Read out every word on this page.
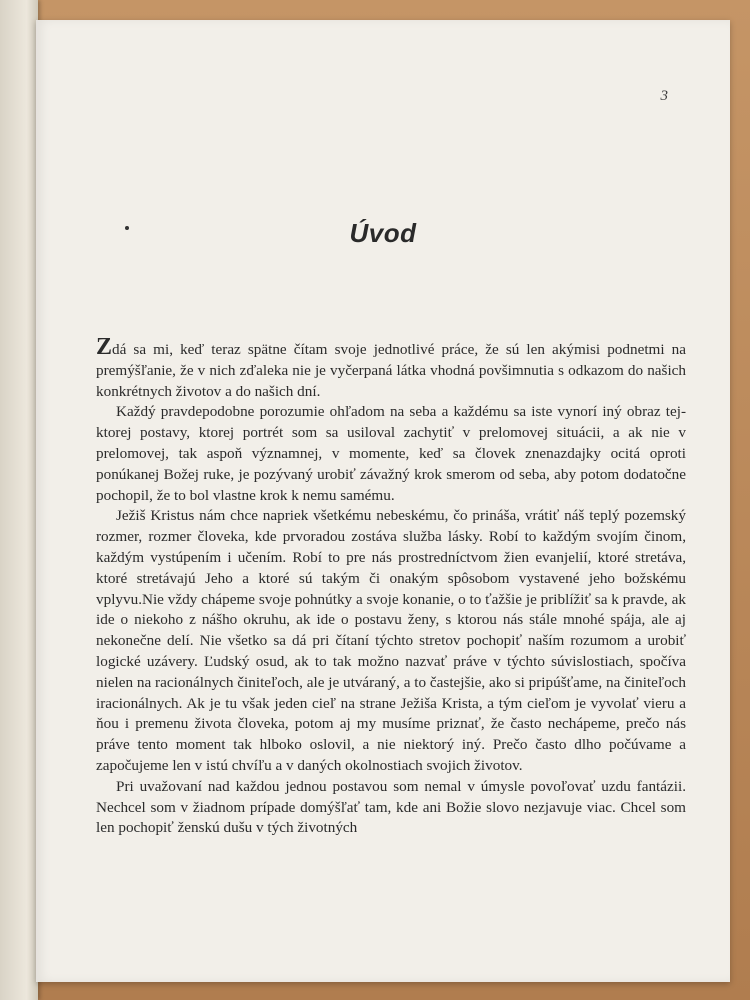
3
Úvod

Zdá sa mi, keď teraz spätne čítam svoje jednotlivé práce, že sú len akýmisi podnetmi na premýšľanie, že v nich zďaleka nie je vyčerpaná látka vhodná povšimnutia s odkazom do našich konkrétnych životov a do našich dní.

Každý pravdepodobne porozumie ohľadom na seba a každému sa iste vynorí iný obraz tej-ktorej postavy, ktorej portrét som sa usiloval zachytiť v prelomovej situácii, a ak nie v prelomovej, tak aspoň významnej, v momente, keď sa človek znenazdajky ocitá oproti ponúkanej Božej ruke, je pozývaný urobiť závažný krok smerom od seba, aby potom dodatočne pochopil, že to bol vlastne krok k nemu samému.

Ježiš Kristus nám chce napriek všetkému nebeskému, čo prináša, vrátiť náš teplý pozemský rozmer, rozmer človeka, kde prvoradou zostáva služba lásky. Robí to každým svojím činom, každým vystúpením i učením. Robí to pre nás prostredníctvom žien evanjelií, ktoré stretáva, ktoré stretávajú Jeho a ktoré sú takým či onakým spôsobom vystavené jeho božskému vplyvu.Nie vždy chápeme svoje pohnútky a svoje konanie, o to ťažšie je priblížiť sa k pravde, ak ide o niekoho z nášho okruhu, ak ide o postavu ženy, s ktorou nás stále mnohé spája, ale aj nekonečne delí. Nie všetko sa dá pri čítaní týchto stretov pochopiť naším rozumom a urobiť logické uzávery. Ľudský osud, ak to tak možno nazvať práve v týchto súvislostiach, spočíva nielen na racionálnych činiteľoch, ale je utváraný, a to častejšie, ako si pripúšťame, na činiteľoch iracionálnych. Ak je tu však jeden cieľ na strane Ježiša Krista, a tým cieľom je vyvolať vieru a ňou i premenu života človeka, potom aj my musíme priznať, že často nechápeme, prečo nás práve tento moment tak hlboko oslovil, a nie niektorý iný. Prečo často dlho počúvame a započujeme len v istú chvíľu a v daných okolnostiach svojich životov.

Pri uvažovaní nad každou jednou postavou som nemal v úmysle povoľovať uzdu fantázii. Nechcel som v žiadnom prípade domýšľať tam, kde ani Božie slovo nezjavuje viac. Chcel som len pochopiť ženskú dušu v tých životných
